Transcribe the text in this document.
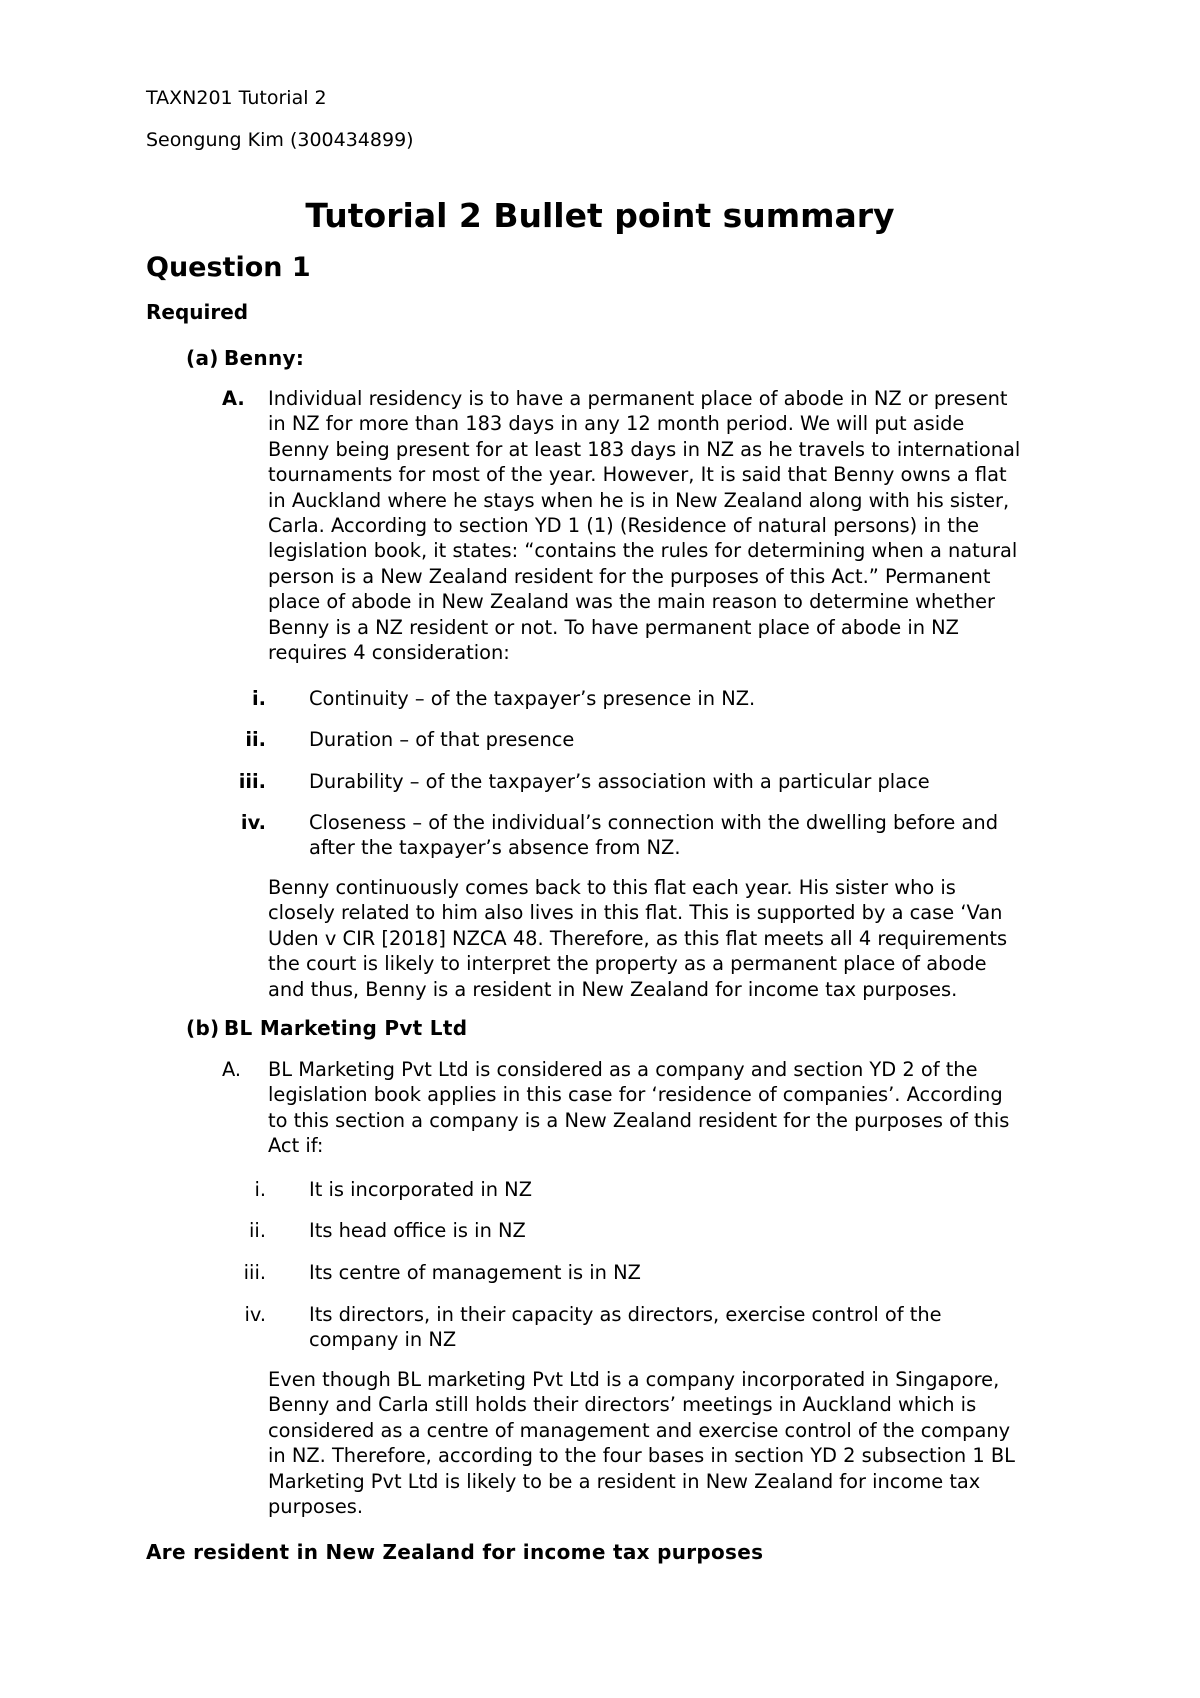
TAXN201 Tutorial 2

Seongung Kim (300434899)

Tutorial 2 Bullet point summary
Question 1

Required

(a) Benny:

A. Individual residency is to have a permanent place of abode in NZ or present
in NZ for more than 183 days in any 12 month period. We will put aside
Benny being present for at least 183 days in NZ as he travels to international
tournaments for most of the year. However, It is said that Benny owns a flat
in Auckland where he stays when he is in New Zealand along with his sister,
Carla. According to section YD 1 (1) (Residence of natural persons) in the
legislation book, it states: “contains the rules for determining when a natural
person is a New Zealand resident for the purposes of this Act.” Permanent
place of abode in New Zealand was the main reason to determine whether
Benny is a NZ resident or not. To have permanent place of abode in NZ
requires 4 consideration:
i. Continuity – of the taxpayer’s presence in NZ.
ii. Duration – of that presence
iii. Durability – of the taxpayer’s association with a particular place
iv. Closeness – of the individual’s connection with the dwelling before and
after the taxpayer’s absence from NZ.
Benny continuously comes back to this flat each year. His sister who is
closely related to him also lives in this flat. This is supported by a case ‘Van
Uden v CIR [2018] NZCA 48. Therefore, as this flat meets all 4 requirements
the court is likely to interpret the property as a permanent place of abode
and thus, Benny is a resident in New Zealand for income tax purposes.

(b) BL Marketing Pvt Ltd

A. BL Marketing Pvt Ltd is considered as a company and section YD 2 of the
legislation book applies in this case for ‘residence of companies’. According
to this section a company is a New Zealand resident for the purposes of this
Act if:
i. It is incorporated in NZ
ii. Its head office is in NZ
iii. Its centre of management is in NZ
iv. Its directors, in their capacity as directors, exercise control of the
company in NZ
Even though BL marketing Pvt Ltd is a company incorporated in Singapore,
Benny and Carla still holds their directors’ meetings in Auckland which is
considered as a centre of management and exercise control of the company
in NZ. Therefore, according to the four bases in section YD 2 subsection 1 BL
Marketing Pvt Ltd is likely to be a resident in New Zealand for income tax
purposes.

Are resident in New Zealand for income tax purposes
